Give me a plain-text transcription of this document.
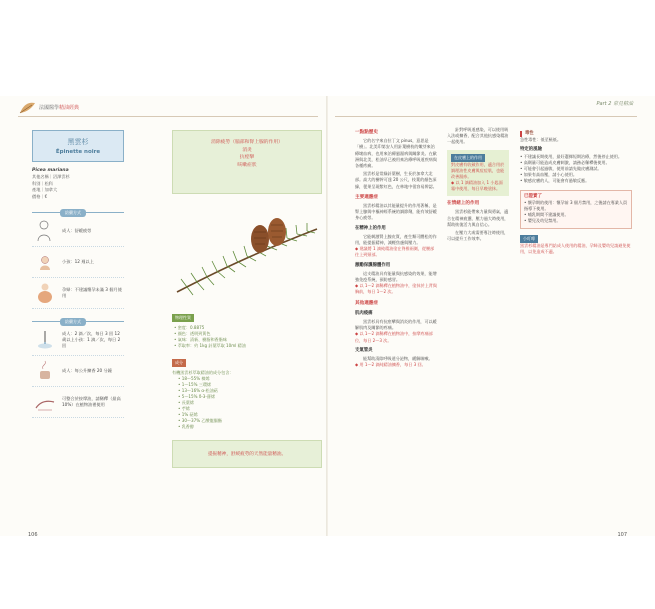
法國醫學精油經典
Part 2 常見精油
黑雲杉
Épinette noire
Picea mariana
其他名稱｜沼澤雲杉
科別｜松科
產地｜加拿大
價格｜€
給藥方式
成人：舒緩疲勞
小孩：12 週以上
孕婦：不建議懷孕未滿 3 個月使用
給藥方式
成人：2 滴／次，每日 3 回 12 歲以上小孩：1 滴／次，每日 2 回
成人：每公升擴香 20 分鐘
可整合於按摩油，請稀釋（最高 10%）在植物油裡使用
消除疲勞（腦部和腎上腺的作用）
消炎
抗痙攣
咳嗽症狀
物理性質
• 密度：0.8875
• 顏色：透明到黃色
• 氣味：清新、樹脂和香脂味
• 萃取率：約 1kg 針葉萃取 10ml 精油
成分
有機黑雲杉萃取精油的成分包含：
• 18～55% 樟烯
• 1～15% 三環烯
• 13～16% α-松油萜
• 5～15% δ-3-蒈烯
• 長葉烯
• 苧烯
• 1% 萜烯
• 30～37% 乙酸龍腦酯
• 乳香醇
提振精神，舒緩疲勞的天然能量精油。
一點點歷史

它的名字來自拉丁文 pinus，意思是「樹」。北美印第安人用針葉樹枝的嫩芽來治療壞血病，也用來治療風濕病與關節炎。在歐洲與北美，松油早已被用來治療呼吸道疾病與各種疼痛。

黑雲杉是常綠針葉樹，生長於加拿大北部。高大的樹幹可達 20 公尺，枝葉的顏色深綠，毬果呈現紫紅色，在林地中很容易辨認。

主要適應症

黑雲杉精油以其能量提升的作用著稱，是腎上腺與中樞神經系統的調節劑，能有效舒緩身心疲勞。

在精神上的作用

它能刺激腎上腺皮質，產生類可體松的作用，能提振精神，減輕焦慮與壓力。

◆ 建議將 1 滴純精油塗在脊椎兩側，從腰部往上到頸部。
激勵保護腺體作用

這支精油具有能量與抗感染的效果，能增強免疫系統，預防感冒。

◆ 以 1～2 滴稀釋在植物油中，塗抹於上背與胸前，每日 1～2 次。
其他適應症
肌肉痠痛

黑雲杉具有抗痙攣與消炎的作用，可以緩解肌肉及關節的疼痛。

◆ 以 1～2 滴稀釋在植物油中，按摩疼痛部位，每日 2～3 次。
支氣管炎

能幫助清除呼吸道分泌物，緩解咳嗽。

◆ 用 1～2 滴純精油擴香，每日 3 回。

針對呼吸道感染，可以使用吸入法或擴香，配合其他抗感染精油一起使用。

在皮膚上的作用
對皮膚有收斂作用，適合用於調理油性皮膚與痘痘肌，也能改善濕疹。
◆ 以 1 滴精油加入 1 小匙面霜中使用，每日早晚塗抹。
在情緒上的作用

黑雲杉能帶來力量與勇氣，適合在精神疲憊、壓力過大時使用，幫助恢復活力與自信心。

在壓力大或需要專注時使用，可以提升工作效率。

毒性
急性毒性：低至極低。
特定的風險
• 不建議長期使用，最好選擇短期治療，然後停止使用。
• 高劑量可能造成皮膚刺激，請務必稀釋後使用。
• 可能會引起過敏，使用前請先做皮膚測試。
• 如果有高血壓，請小心使用。
• 敏感皮膚的人，可能會有過敏反應。
已證實了
• 懷孕期的使用：懷孕前 3 個月禁用，之後請在專業人員指導下使用。
• 哺乳期間不建議使用。
• 嬰兒及幼兒禁用。
小叮嚀
黑雲杉精油是專門給成人使用的精油，孕婦及嬰幼兒請避免使用，以免造成不適。
106	107
